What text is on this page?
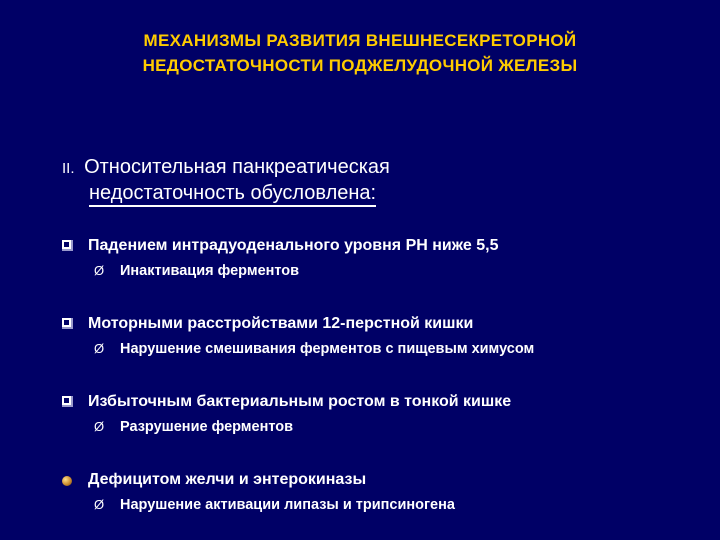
МЕХАНИЗМЫ РАЗВИТИЯ ВНЕШНЕСЕКРЕТОРНОЙ
НЕДОСТАТОЧНОСТИ ПОДЖЕЛУДОЧНОЙ ЖЕЛЕЗЫ
II. Относительная панкреатическая
недостаточность обусловлена:
Падением интрадуоденального уровня РН ниже 5,5
Ø Инактивация ферментов
Моторными расстройствами 12-перстной кишки
Ø Нарушение смешивания ферментов с пищевым химусом
Избыточным бактериальным ростом в тонкой кишке
Ø Разрушение ферментов
Дефицитом желчи и энтерокиназы
Ø Нарушение активации липазы и трипсиногена
